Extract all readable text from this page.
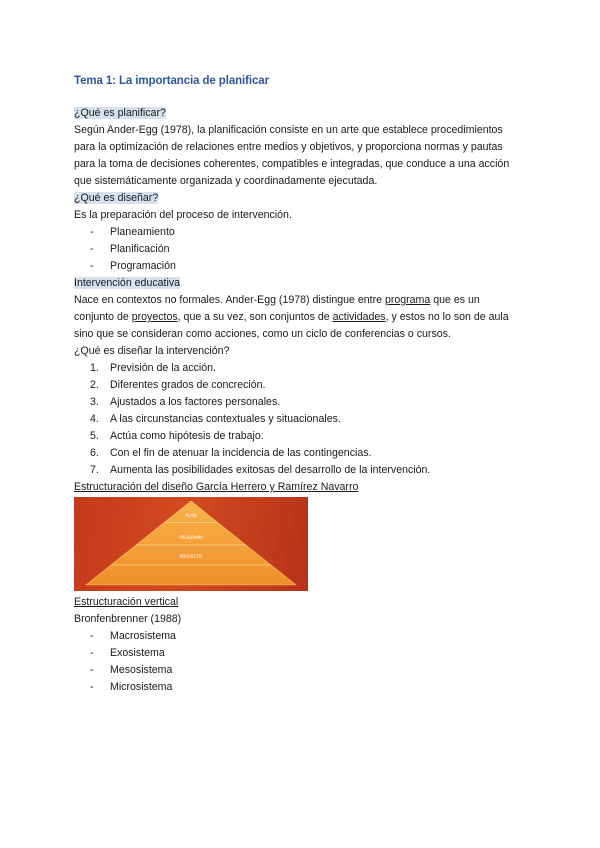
Tema 1: La importancia de planificar
¿Qué es planificar?
Según Ander-Egg (1978), la planificación consiste en un arte que establece procedimientos
para la optimización de relaciones entre medios y objetivos, y proporciona normas y pautas
para la toma de decisiones coherentes, compatibles e integradas, que conduce a una acción
que sistemáticamente organizada y coordinadamente ejecutada.
¿Qué es diseñar?
Es la preparación del proceso de intervención.
-	Planeamiento
-	Planificación
-	Programación
Intervención educativa
Nace en contextos no formales. Ander-Egg (1978) distingue entre programa que es un
conjunto de proyectos, que a su vez, son conjuntos de actividades, y estos no lo son de aula
sino que se consideran como acciones, como un ciclo de conferencias o cursos.
¿Qué es diseñar la intervención?
1.	Previsión de la acción.
2.	Diferentes grados de concreción.
3.	Ajustados a los factores personales.
4.	A las circunstancias contextuales y situacionales.
5.	Actúa como hipótesis de trabajo.
6.	Con el fin de atenuar la incidencia de las contingencias.
7.	Aumenta las posibilidades exitosas del desarrollo de la intervención.
Estructuración del diseño García Herrero y Ramírez Navarro
PLAN
PROGRAMA
PROYECTO
Estructuración vertical
Bronfenbrenner (1988)
-	Macrosistema
-	Exosistema
-	Mesosistema
-	Microsistema
